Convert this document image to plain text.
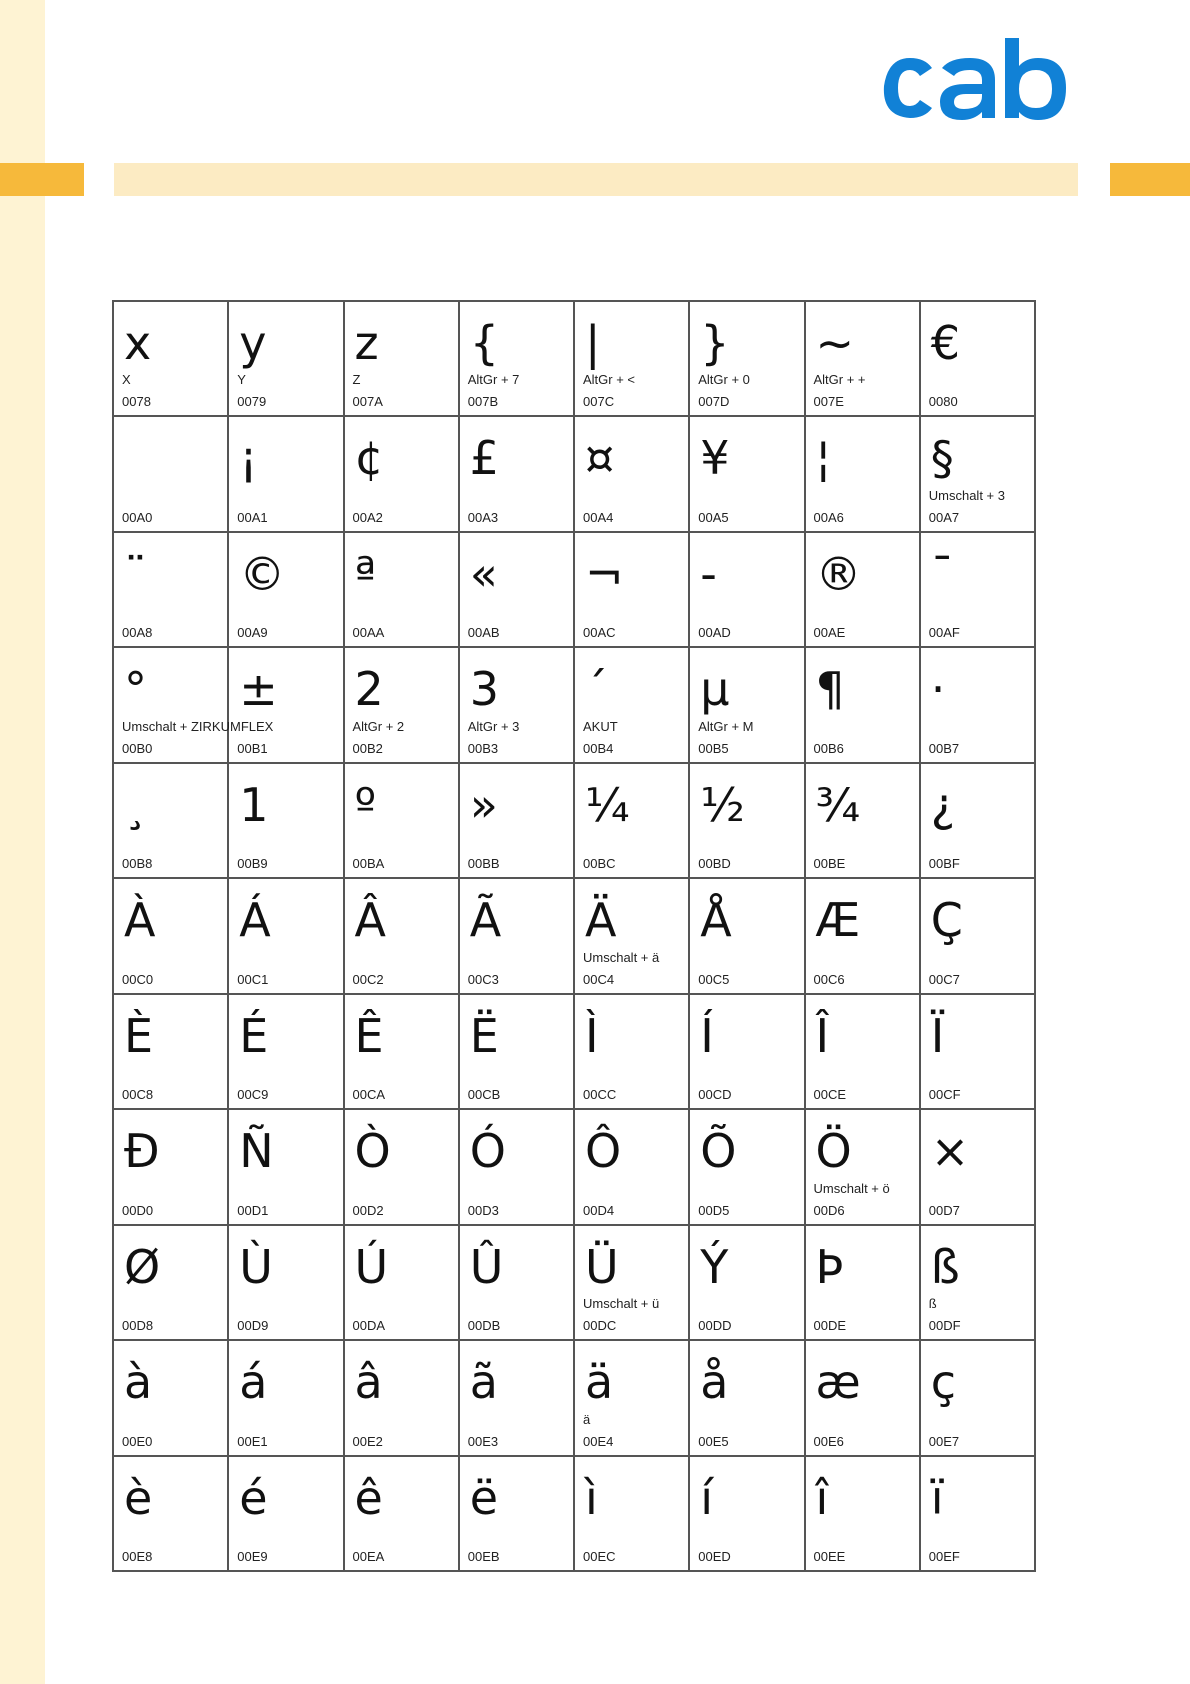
x
X
0078
y
Y
0079
z
Z
007A
{
AltGr + 7
007B
|
AltGr + <
007C
}
AltGr + 0
007D
~
AltGr + +
007E
€
0080
00A0
¡
00A1
¢
00A2
£
00A3
¤
00A4
¥
00A5
¦
00A6
§
Umschalt + 3
00A7
¨
00A8
©
00A9
ª
00AA
«
00AB
¬
00AC
-
00AD
®
00AE
¯
00AF
°
Umschalt + ZIRKUMFLEX
00B0
±
00B1
2
AltGr + 2
00B2
3
AltGr + 3
00B3
´
AKUT
00B4
µ
AltGr + M
00B5
¶
00B6
·
00B7
¸
00B8
1
00B9
º
00BA
»
00BB
¼
00BC
½
00BD
¾
00BE
¿
00BF
À
00C0
Á
00C1
Â
00C2
Ã
00C3
Ä
Umschalt + ä
00C4
Å
00C5
Æ
00C6
Ç
00C7
È
00C8
É
00C9
Ê
00CA
Ë
00CB
Ì
00CC
Í
00CD
Î
00CE
Ï
00CF
Đ
00D0
Ñ
00D1
Ò
00D2
Ó
00D3
Ô
00D4
Õ
00D5
Ö
Umschalt + ö
00D6
×
00D7
Ø
00D8
Ù
00D9
Ú
00DA
Û
00DB
Ü
Umschalt + ü
00DC
Ý
00DD
Þ
00DE
ß
ß
00DF
à
00E0
á
00E1
â
00E2
ã
00E3
ä
ä
00E4
å
00E5
æ
00E6
ç
00E7
è
00E8
é
00E9
ê
00EA
ë
00EB
ì
00EC
í
00ED
î
00EE
ï
00EF
